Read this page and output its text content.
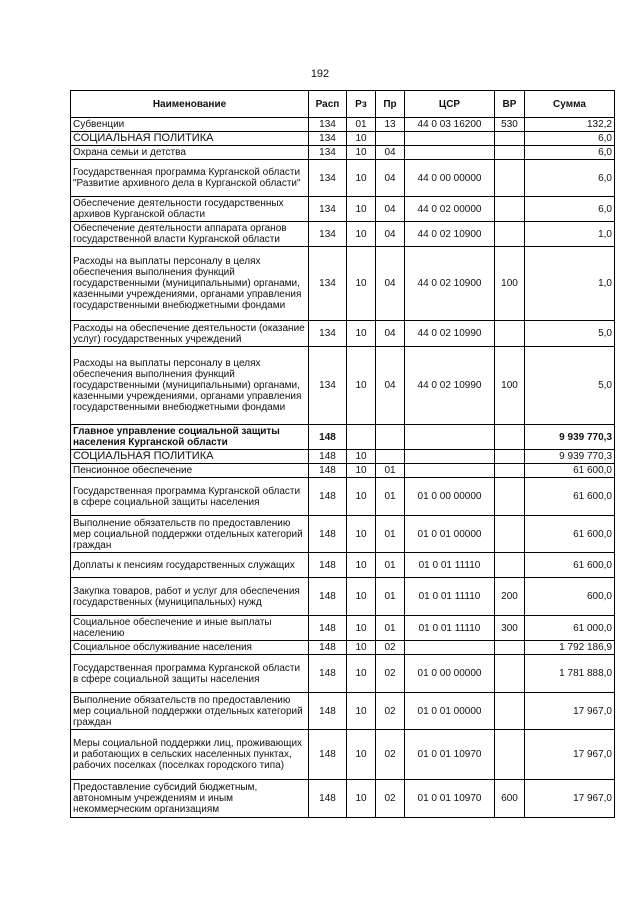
192
Наименование	Расп	Рз	Пр	ЦСР	ВР	Сумма
Субвенции	134	01	13	44 0 03 16200	530	132,2
СОЦИАЛЬНАЯ ПОЛИТИКА	134	10				6,0
Охрана семьи и детства	134	10	04			6,0
Государственная программа Курганской области "Развитие архивного дела в Курганской области"	134	10	04	44 0 00 00000		6,0
Обеспечение деятельности государственных архивов Курганской области	134	10	04	44 0 02 00000		6,0
Обеспечение деятельности аппарата органов государственной власти Курганской области	134	10	04	44 0 02 10900		1,0
Расходы на выплаты персоналу в целях обеспечения выполнения функций государственными (муниципальными) органами, казенными учреждениями, органами управления государственными внебюджетными фондами	134	10	04	44 0 02 10900	100	1,0
Расходы на обеспечение деятельности (оказание услуг) государственных учреждений	134	10	04	44 0 02 10990		5,0
Расходы на выплаты персоналу в целях обеспечения выполнения функций государственными (муниципальными) органами, казенными учреждениями, органами управления государственными внебюджетными фондами	134	10	04	44 0 02 10990	100	5,0
Главное управление социальной защиты населения Курганской области	148					9 939 770,3
СОЦИАЛЬНАЯ ПОЛИТИКА	148	10				9 939 770,3
Пенсионное обеспечение	148	10	01			61 600,0
Государственная программа Курганской области в сфере социальной защиты населения	148	10	01	01 0 00 00000		61 600,0
Выполнение обязательств по предоставлению мер социальной поддержки отдельных категорий граждан	148	10	01	01 0 01 00000		61 600,0
Доплаты к пенсиям государственных служащих	148	10	01	01 0 01 11110		61 600,0
Закупка товаров, работ и услуг для обеспечения государственных (муниципальных) нужд	148	10	01	01 0 01 11110	200	600,0
Социальное обеспечение и иные выплаты населению	148	10	01	01 0 01 11110	300	61 000,0
Социальное обслуживание населения	148	10	02			1 792 186,9
Государственная программа Курганской области в сфере социальной защиты населения	148	10	02	01 0 00 00000		1 781 888,0
Выполнение обязательств по предоставлению мер социальной поддержки отдельных категорий граждан	148	10	02	01 0 01 00000		17 967,0
Меры социальной поддержки лиц, проживающих и работающих в сельских населенных пунктах, рабочих поселках (поселках городского типа)	148	10	02	01 0 01 10970		17 967,0
Предоставление субсидий бюджетным, автономным учреждениям и иным некоммерческим организациям	148	10	02	01 0 01 10970	600	17 967,0
